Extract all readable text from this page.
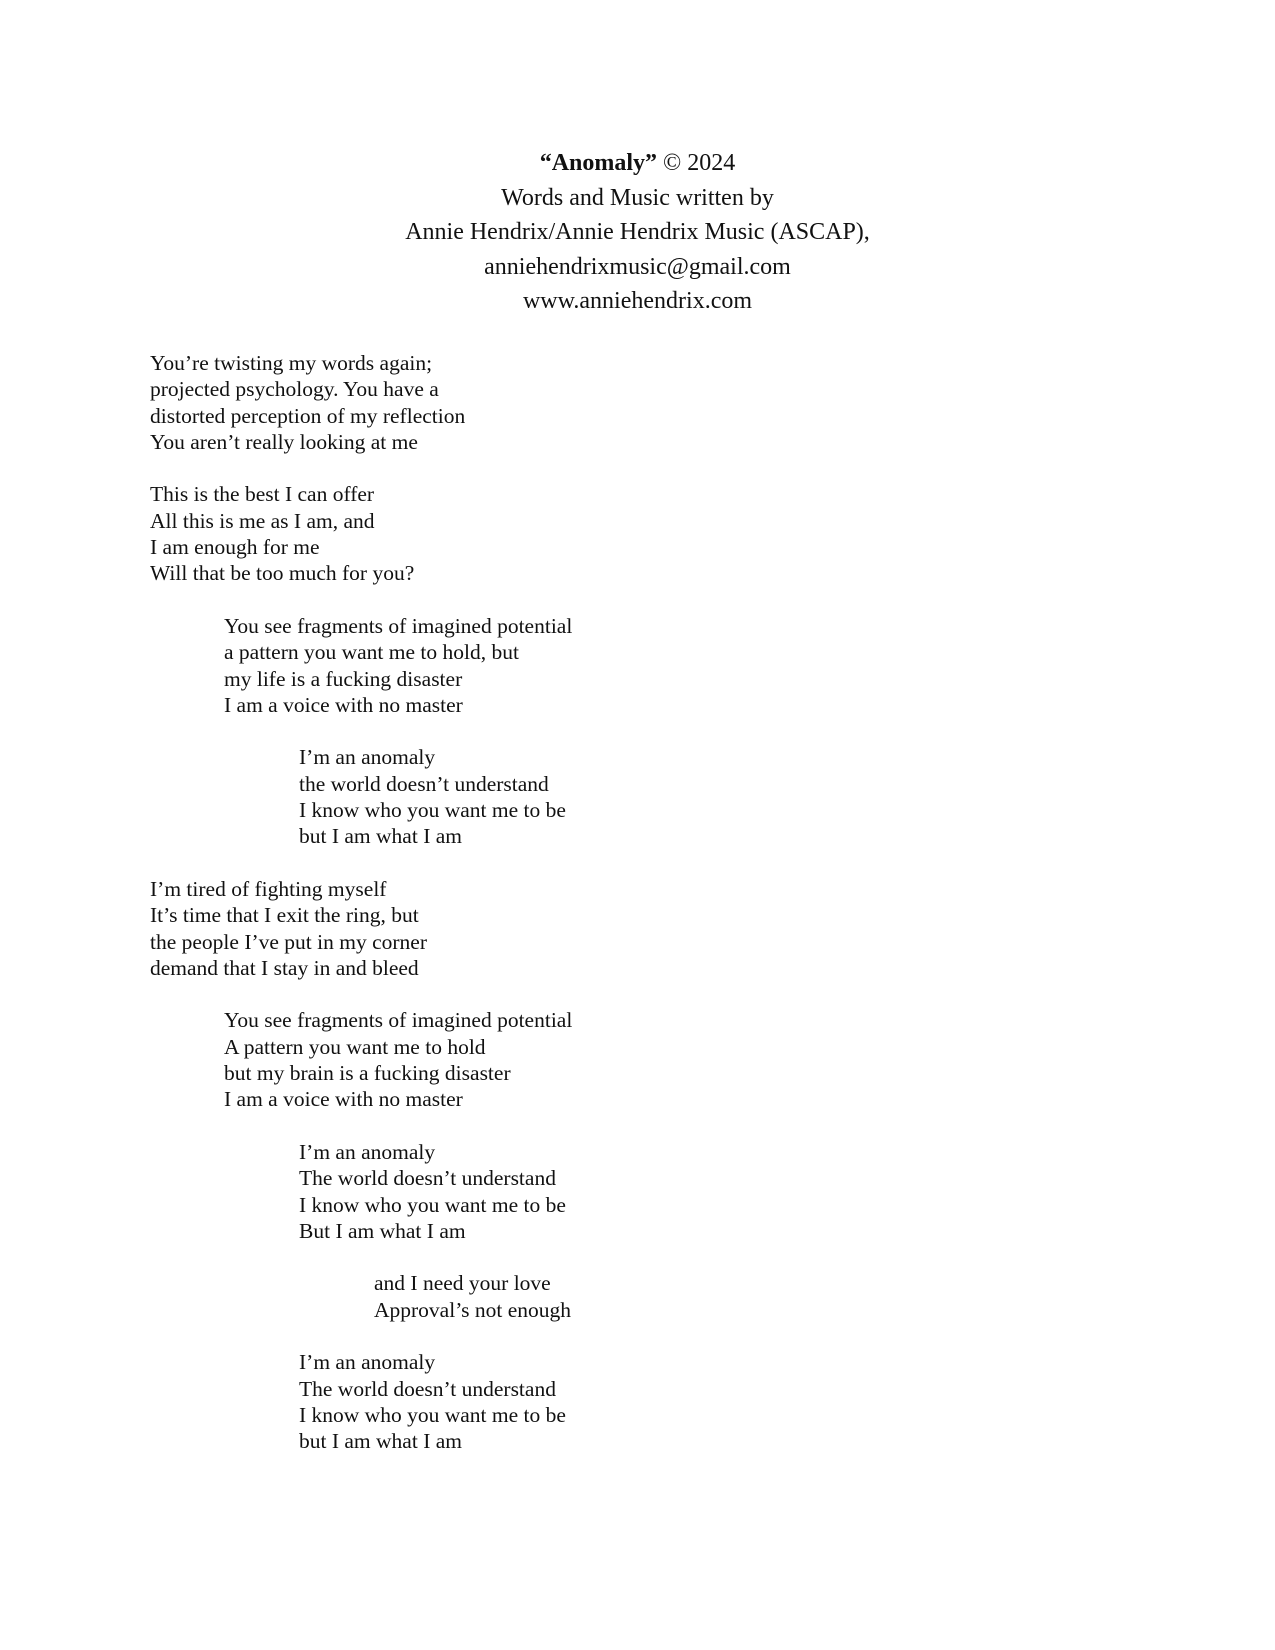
“Anomaly” © 2024
Words and Music written by
Annie Hendrix/Annie Hendrix Music (ASCAP),
anniehendrixmusic@gmail.com
www.anniehendrix.com
You’re twisting my words again;
projected psychology. You have a
distorted perception of my reflection
You aren’t really looking at me
This is the best I can offer
All this is me as I am, and
I am enough for me
Will that be too much for you?
You see fragments of imagined potential
a pattern you want me to hold, but
my life is a fucking disaster
I am a voice with no master
I’m an anomaly
the world doesn’t understand
I know who you want me to be
but I am what I am
I’m tired of fighting myself
It’s time that I exit the ring, but
the people I’ve put in my corner
demand that I stay in and bleed
You see fragments of imagined potential
A pattern you want me to hold
but my brain is a fucking disaster
I am a voice with no master
I’m an anomaly
The world doesn’t understand
I know who you want me to be
But I am what I am
and I need your love
Approval’s not enough
I’m an anomaly
The world doesn’t understand
I know who you want me to be
but I am what I am
